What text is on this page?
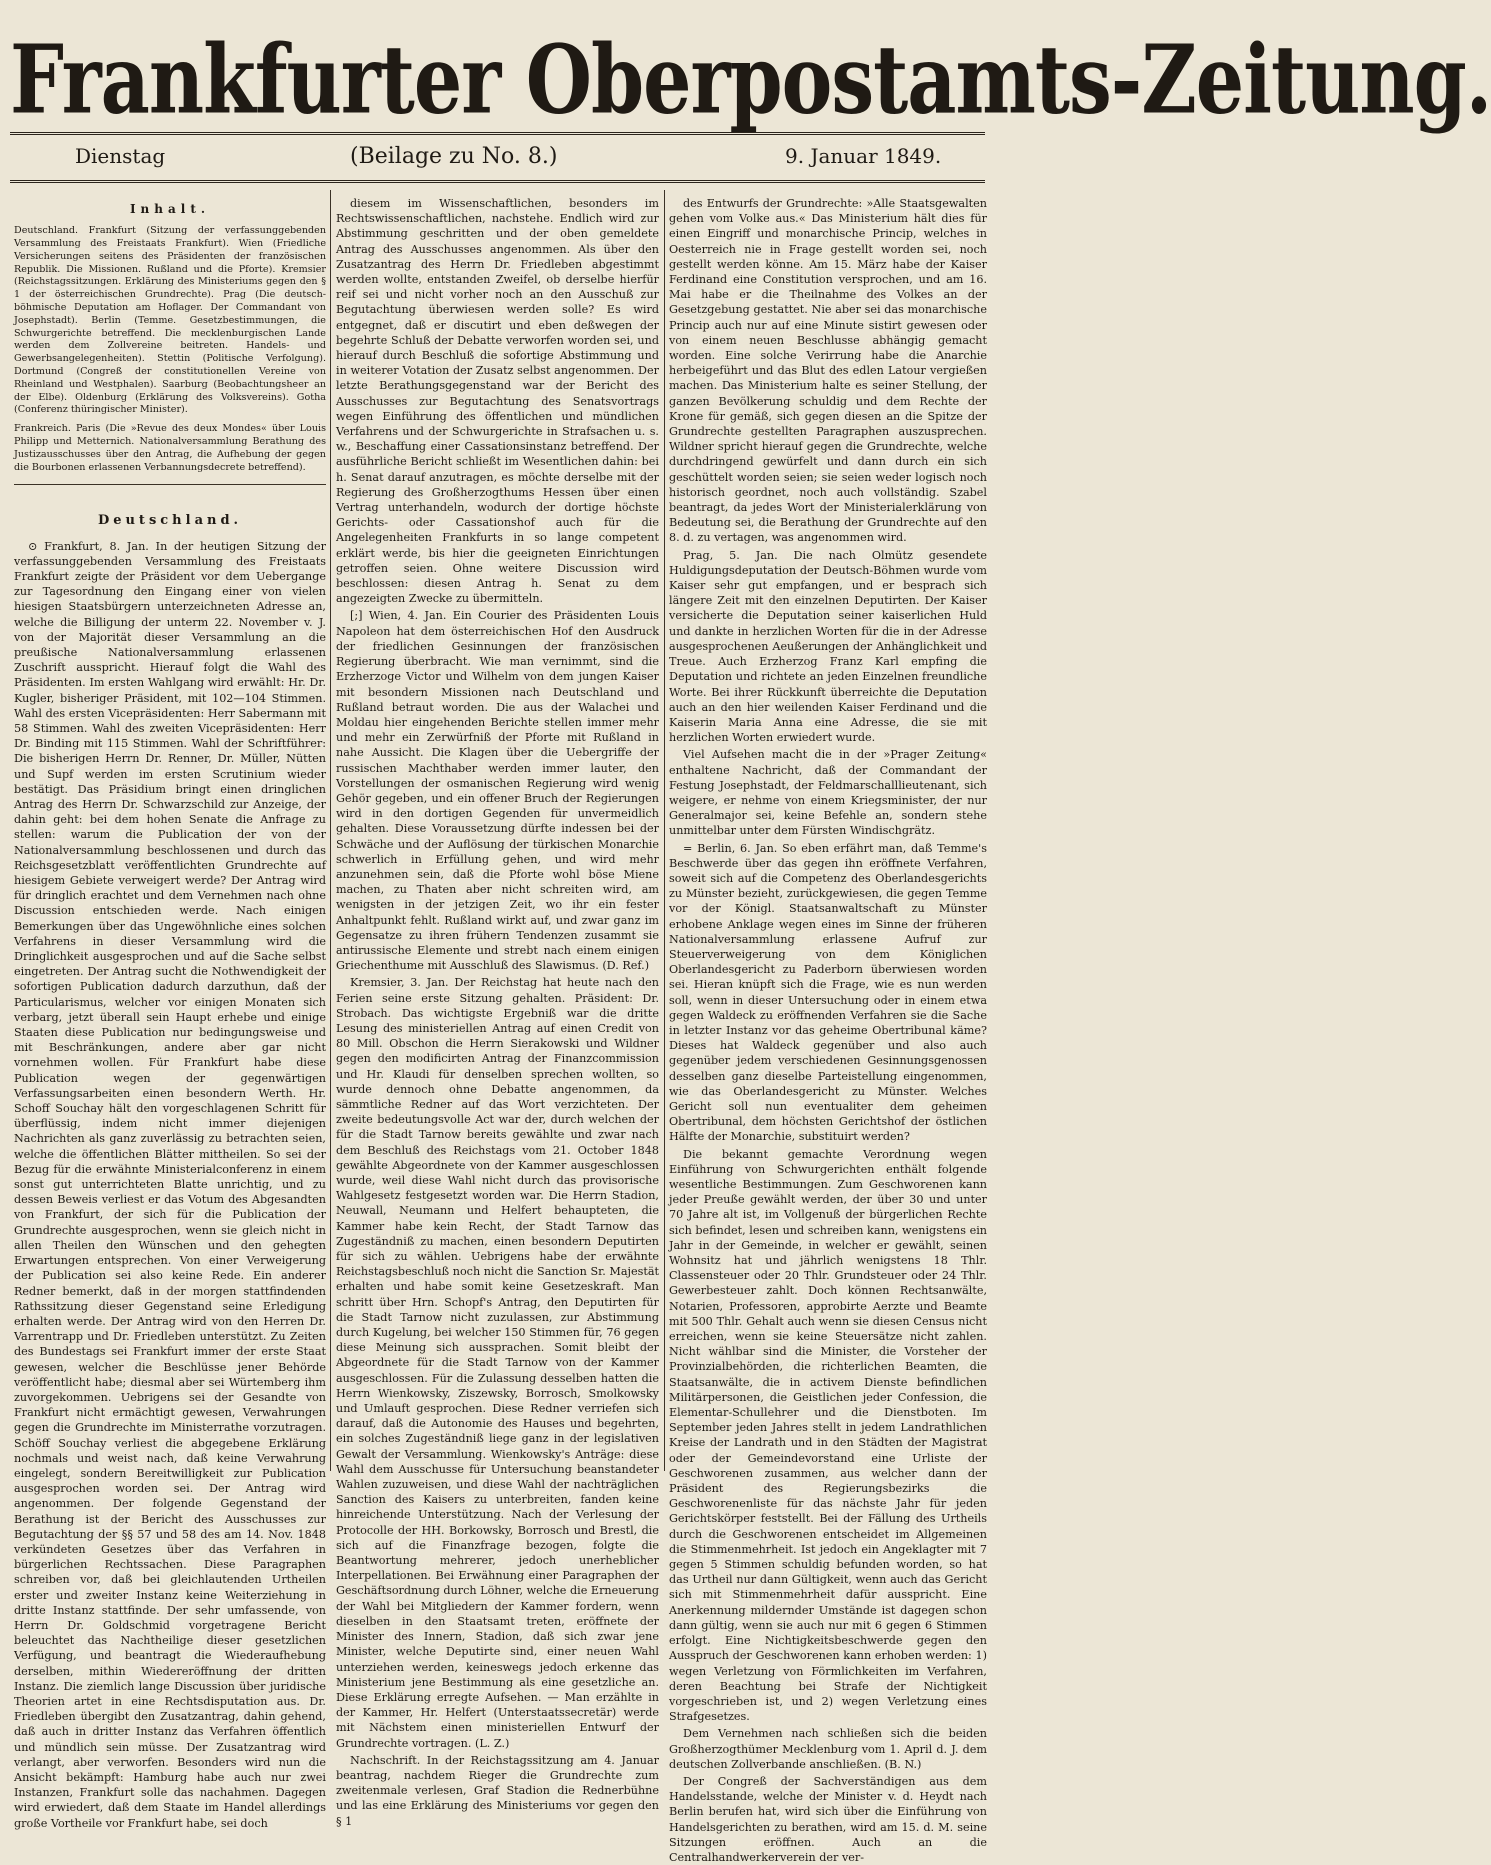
Frankfurter Oberpostamts-Zeitung.
Dienstag	(Beilage zu No. 8.)	9. Januar 1849.
Inhalt.

Deutschland. Frankfurt (Sitzung der verfassunggebenden Versammlung des Freistaats Frankfurt). Wien (Friedliche Versicherungen seitens des Präsidenten der französischen Republik. Die Missionen. Rußland und die Pforte). Kremsier (Reichstagssitzungen. Erklärung des Ministeriums gegen den § 1 der österreichischen Grundrechte). Prag (Die deutsch-böhmische Deputation am Hoflager. Der Commandant von Josephstadt). Berlin (Temme. Gesetzbestimmungen, die Schwurgerichte betreffend. Die mecklenburgischen Lande werden dem Zollvereine beitreten. Handels- und Gewerbsangelegenheiten). Stettin (Politische Verfolgung). Dortmund (Congreß der constitutionellen Vereine von Rheinland und Westphalen). Saarburg (Beobachtungsheer an der Elbe). Oldenburg (Erklärung des Volksvereins). Gotha (Conferenz thüringischer Minister).

Frankreich. Paris (Die »Revue des deux Mondes« über Louis Philipp und Metternich. Nationalversammlung Berathung des Justizausschusses über den Antrag, die Aufhebung der gegen die Bourbonen erlassenen Verbannungsdecrete betreffend).

Deutschland.

⊙ Frankfurt, 8. Jan. In der heutigen Sitzung der verfassunggebenden Versammlung des Freistaats Frankfurt zeigte der Präsident vor dem Uebergange zur Tagesordnung den Eingang einer von vielen hiesigen Staatsbürgern unterzeichneten Adresse an, welche die Billigung der unterm 22. November v. J. von der Majorität dieser Versammlung an die preußische Nationalversammlung erlassenen Zuschrift ausspricht. Hierauf folgt die Wahl des Präsidenten. Im ersten Wahlgang wird erwählt: Hr. Dr. Kugler, bisheriger Präsident, mit 102—104 Stimmen. Wahl des ersten Vicepräsidenten: Herr Sabermann mit 58 Stimmen. Wahl des zweiten Vicepräsidenten: Herr Dr. Binding mit 115 Stimmen. Wahl der Schriftführer: Die bisherigen Herrn Dr. Renner, Dr. Müller, Nütten und Supf werden im ersten Scrutinium wieder bestätigt. Das Präsidium bringt einen dringlichen Antrag des Herrn Dr. Schwarzschild zur Anzeige, der dahin geht: bei dem hohen Senate die Anfrage zu stellen: warum die Publication der von der Nationalversammlung beschlossenen und durch das Reichsgesetzblatt veröffentlichten Grundrechte auf hiesigem Gebiete verweigert werde? Der Antrag wird für dringlich erachtet und dem Vernehmen nach ohne Discussion entschieden werde. Nach einigen Bemerkungen über das Ungewöhnliche eines solchen Verfahrens in dieser Versammlung wird die Dringlichkeit ausgesprochen und auf die Sache selbst eingetreten. Der Antrag sucht die Nothwendigkeit der sofortigen Publication dadurch darzuthun, daß der Particularismus, welcher vor einigen Monaten sich verbarg, jetzt überall sein Haupt erhebe und einige Staaten diese Publication nur bedingungsweise und mit Beschränkungen, andere aber gar nicht vornehmen wollen. Für Frankfurt habe diese Publication wegen der gegenwärtigen Verfassungsarbeiten einen besondern Werth. Hr. Schoff Souchay hält den vorgeschlagenen Schritt für überflüssig, indem nicht immer diejenigen Nachrichten als ganz zuverlässig zu betrachten seien, welche die öffentlichen Blätter mittheilen. So sei der Bezug für die erwähnte Ministerialconferenz in einem sonst gut unterrichteten Blatte unrichtig, und zu dessen Beweis verliest er das Votum des Abgesandten von Frankfurt, der sich für die Publication der Grundrechte ausgesprochen, wenn sie gleich nicht in allen Theilen den Wünschen und den gehegten Erwartungen entsprechen. Von einer Verweigerung der Publication sei also keine Rede. Ein anderer Redner bemerkt, daß in der morgen stattfindenden Rathssitzung dieser Gegenstand seine Erledigung erhalten werde. Der Antrag wird von den Herren Dr. Varrentrapp und Dr. Friedleben unterstützt. Zu Zeiten des Bundestags sei Frankfurt immer der erste Staat gewesen, welcher die Beschlüsse jener Behörde veröffentlicht habe; diesmal aber sei Würtemberg ihm zuvorgekommen. Uebrigens sei der Gesandte von Frankfurt nicht ermächtigt gewesen, Verwahrungen gegen die Grundrechte im Ministerrathe vorzutragen. Schöff Souchay verliest die abgegebene Erklärung nochmals und weist nach, daß keine Verwahrung eingelegt, sondern Bereitwilligkeit zur Publication ausgesprochen worden sei. Der Antrag wird angenommen. Der folgende Gegenstand der Berathung ist der Bericht des Ausschusses zur Begutachtung der §§ 57 und 58 des am 14. Nov. 1848 verkündeten Gesetzes über das Verfahren in bürgerlichen Rechtssachen. Diese Paragraphen schreiben vor, daß bei gleichlautenden Urtheilen erster und zweiter Instanz keine Weiterziehung in dritte Instanz stattfinde. Der sehr umfassende, von Herrn Dr. Goldschmid vorgetragene Bericht beleuchtet das Nachtheilige dieser gesetzlichen Verfügung, und beantragt die Wiederaufhebung derselben, mithin Wiedereröffnung der dritten Instanz. Die ziemlich lange Discussion über juridische Theorien artet in eine Rechtsdisputation aus. Dr. Friedleben übergibt den Zusatzantrag, dahin gehend, daß auch in dritter Instanz das Verfahren öffentlich und mündlich sein müsse. Der Zusatzantrag wird verlangt, aber verworfen. Besonders wird nun die Ansicht bekämpft: Hamburg habe auch nur zwei Instanzen, Frankfurt solle das nachahmen. Dagegen wird erwiedert, daß dem Staate im Handel allerdings große Vortheile vor Frankfurt habe, sei doch

diesem im Wissenschaftlichen, besonders im Rechtswissenschaftlichen, nachstehe. Endlich wird zur Abstimmung geschritten und der oben gemeldete Antrag des Ausschusses angenommen. Als über den Zusatzantrag des Herrn Dr. Friedleben abgestimmt werden wollte, entstanden Zweifel, ob derselbe hierfür reif sei und nicht vorher noch an den Ausschuß zur Begutachtung überwiesen werden solle? Es wird entgegnet, daß er discutirt und eben deßwegen der begehrte Schluß der Debatte verworfen worden sei, und hierauf durch Beschluß die sofortige Abstimmung und in weiterer Votation der Zusatz selbst angenommen. Der letzte Berathungsgegenstand war der Bericht des Ausschusses zur Begutachtung des Senatsvortrags wegen Einführung des öffentlichen und mündlichen Verfahrens und der Schwurgerichte in Strafsachen u. s. w., Beschaffung einer Cassationsinstanz betreffend. Der ausführliche Bericht schließt im Wesentlichen dahin: bei h. Senat darauf anzutragen, es möchte derselbe mit der Regierung des Großherzogthums Hessen über einen Vertrag unterhandeln, wodurch der dortige höchste Gerichts- oder Cassationshof auch für die Angelegenheiten Frankfurts in so lange competent erklärt werde, bis hier die geeigneten Einrichtungen getroffen seien. Ohne weitere Discussion wird beschlossen: diesen Antrag h. Senat zu dem angezeigten Zwecke zu übermitteln.

[;] Wien, 4. Jan. Ein Courier des Präsidenten Louis Napoleon hat dem österreichischen Hof den Ausdruck der friedlichen Gesinnungen der französischen Regierung überbracht. Wie man vernimmt, sind die Erzherzoge Victor und Wilhelm von dem jungen Kaiser mit besondern Missionen nach Deutschland und Rußland betraut worden. Die aus der Walachei und Moldau hier eingehenden Berichte stellen immer mehr und mehr ein Zerwürfniß der Pforte mit Rußland in nahe Aussicht. Die Klagen über die Uebergriffe der russischen Machthaber werden immer lauter, den Vorstellungen der osmanischen Regierung wird wenig Gehör gegeben, und ein offener Bruch der Regierungen wird in den dortigen Gegenden für unvermeidlich gehalten. Diese Voraussetzung dürfte indessen bei der Schwäche und der Auflösung der türkischen Monarchie schwerlich in Erfüllung gehen, und wird mehr anzunehmen sein, daß die Pforte wohl böse Miene machen, zu Thaten aber nicht schreiten wird, am wenigsten in der jetzigen Zeit, wo ihr ein fester Anhaltpunkt fehlt. Rußland wirkt auf, und zwar ganz im Gegensatze zu ihren frühern Tendenzen zusammt sie antirussische Elemente und strebt nach einem einigen Griechenthume mit Ausschluß des Slawismus. (D. Ref.)

Kremsier, 3. Jan. Der Reichstag hat heute nach den Ferien seine erste Sitzung gehalten. Präsident: Dr. Strobach. Das wichtigste Ergebniß war die dritte Lesung des ministeriellen Antrag auf einen Credit von 80 Mill. Obschon die Herrn Sierakowski und Wildner gegen den modificirten Antrag der Finanzcommission und Hr. Klaudi für denselben sprechen wollten, so wurde dennoch ohne Debatte angenommen, da sämmtliche Redner auf das Wort verzichteten. Der zweite bedeutungsvolle Act war der, durch welchen der für die Stadt Tarnow bereits gewählte und zwar nach dem Beschluß des Reichstags vom 21. October 1848 gewählte Abgeordnete von der Kammer ausgeschlossen wurde, weil diese Wahl nicht durch das provisorische Wahlgesetz festgesetzt worden war. Die Herrn Stadion, Neuwall, Neumann und Helfert behaupteten, die Kammer habe kein Recht, der Stadt Tarnow das Zugeständniß zu machen, einen besondern Deputirten für sich zu wählen. Uebrigens habe der erwähnte Reichstagsbeschluß noch nicht die Sanction Sr. Majestät erhalten und habe somit keine Gesetzeskraft. Man schritt über Hrn. Schopf's Antrag, den Deputirten für die Stadt Tarnow nicht zuzulassen, zur Abstimmung durch Kugelung, bei welcher 150 Stimmen für, 76 gegen diese Meinung sich aussprachen. Somit bleibt der Abgeordnete für die Stadt Tarnow von der Kammer ausgeschlossen. Für die Zulassung desselben hatten die Herrn Wienkowsky, Ziszewsky, Borrosch, Smolkowsky und Umlauft gesprochen. Diese Redner verriefen sich darauf, daß die Autonomie des Hauses und begehrten, ein solches Zugeständniß liege ganz in der legislativen Gewalt der Versammlung. Wienkowsky's Anträge: diese Wahl dem Ausschusse für Untersuchung beanstandeter Wahlen zuzuweisen, und diese Wahl der nachträglichen Sanction des Kaisers zu unterbreiten, fanden keine hinreichende Unterstützung. Nach der Verlesung der Protocolle der HH. Borkowsky, Borrosch und Brestl, die sich auf die Finanzfrage bezogen, folgte die Beantwortung mehrerer, jedoch unerheblicher Interpellationen. Bei Erwähnung einer Paragraphen der Geschäftsordnung durch Löhner, welche die Erneuerung der Wahl bei Mitgliedern der Kammer fordern, wenn dieselben in den Staatsamt treten, eröffnete der Minister des Innern, Stadion, daß sich zwar jene Minister, welche Deputirte sind, einer neuen Wahl unterziehen werden, keineswegs jedoch erkenne das Ministerium jene Bestimmung als eine gesetzliche an. Diese Erklärung erregte Aufsehen. — Man erzählte in der Kammer, Hr. Helfert (Unterstaatssecretär) werde mit Nächstem einen ministeriellen Entwurf der Grundrechte vortragen. (L. Z.)

Nachschrift. In der Reichstagssitzung am 4. Januar beantrag, nachdem Rieger die Grundrechte zum zweitenmale verlesen, Graf Stadion die Rednerbühne und las eine Erklärung des Ministeriums vor gegen den § 1

des Entwurfs der Grundrechte: »Alle Staatsgewalten gehen vom Volke aus.« Das Ministerium hält dies für einen Eingriff und monarchische Princip, welches in Oesterreich nie in Frage gestellt worden sei, noch gestellt werden könne. Am 15. März habe der Kaiser Ferdinand eine Constitution versprochen, und am 16. Mai habe er die Theilnahme des Volkes an der Gesetzgebung gestattet. Nie aber sei das monarchische Princip auch nur auf eine Minute sistirt gewesen oder von einem neuen Beschlusse abhängig gemacht worden. Eine solche Verirrung habe die Anarchie herbeigeführt und das Blut des edlen Latour vergießen machen. Das Ministerium halte es seiner Stellung, der ganzen Bevölkerung schuldig und dem Rechte der Krone für gemäß, sich gegen diesen an die Spitze der Grundrechte gestellten Paragraphen auszusprechen. Wildner spricht hierauf gegen die Grundrechte, welche durchdringend gewürfelt und dann durch ein sich geschüttelt worden seien; sie seien weder logisch noch historisch geordnet, noch auch vollständig. Szabel beantragt, da jedes Wort der Ministerialerklärung von Bedeutung sei, die Berathung der Grundrechte auf den 8. d. zu vertagen, was angenommen wird.

Prag, 5. Jan. Die nach Olmütz gesendete Huldigungsdeputation der Deutsch-Böhmen wurde vom Kaiser sehr gut empfangen, und er besprach sich längere Zeit mit den einzelnen Deputirten. Der Kaiser versicherte die Deputation seiner kaiserlichen Huld und dankte in herzlichen Worten für die in der Adresse ausgesprochenen Aeußerungen der Anhänglichkeit und Treue. Auch Erzherzog Franz Karl empfing die Deputation und richtete an jeden Einzelnen freundliche Worte. Bei ihrer Rückkunft überreichte die Deputation auch an den hier weilenden Kaiser Ferdinand und die Kaiserin Maria Anna eine Adresse, die sie mit herzlichen Worten erwiedert wurde.

Viel Aufsehen macht die in der »Prager Zeitung« enthaltene Nachricht, daß der Commandant der Festung Josephstadt, der Feldmarschalllieutenant, sich weigere, er nehme von einem Kriegsminister, der nur Generalmajor sei, keine Befehle an, sondern stehe unmittelbar unter dem Fürsten Windischgrätz.

= Berlin, 6. Jan. So eben erfährt man, daß Temme's Beschwerde über das gegen ihn eröffnete Verfahren, soweit sich auf die Competenz des Oberlandesgerichts zu Münster bezieht, zurückgewiesen, die gegen Temme vor der Königl. Staatsanwaltschaft zu Münster erhobene Anklage wegen eines im Sinne der früheren Nationalversammlung erlassene Aufruf zur Steuerverweigerung von dem Königlichen Oberlandesgericht zu Paderborn überwiesen worden sei. Hieran knüpft sich die Frage, wie es nun werden soll, wenn in dieser Untersuchung oder in einem etwa gegen Waldeck zu eröffnenden Verfahren sie die Sache in letzter Instanz vor das geheime Obertribunal käme? Dieses hat Waldeck gegenüber und also auch gegenüber jedem verschiedenen Gesinnungsgenossen desselben ganz dieselbe Parteistellung eingenommen, wie das Oberlandesgericht zu Münster. Welches Gericht soll nun eventualiter dem geheimen Obertribunal, dem höchsten Gerichtshof der östlichen Hälfte der Monarchie, substituirt werden?

Die bekannt gemachte Verordnung wegen Einführung von Schwurgerichten enthält folgende wesentliche Bestimmungen. Zum Geschworenen kann jeder Preuße gewählt werden, der über 30 und unter 70 Jahre alt ist, im Vollgenuß der bürgerlichen Rechte sich befindet, lesen und schreiben kann, wenigstens ein Jahr in der Gemeinde, in welcher er gewählt, seinen Wohnsitz hat und jährlich wenigstens 18 Thlr. Classensteuer oder 20 Thlr. Grundsteuer oder 24 Thlr. Gewerbesteuer zahlt. Doch können Rechtsanwälte, Notarien, Professoren, approbirte Aerzte und Beamte mit 500 Thlr. Gehalt auch wenn sie diesen Census nicht erreichen, wenn sie keine Steuersätze nicht zahlen. Nicht wählbar sind die Minister, die Vorsteher der Provinzialbehörden, die richterlichen Beamten, die Staatsanwälte, die in activem Dienste befindlichen Militärpersonen, die Geistlichen jeder Confession, die Elementar-Schullehrer und die Dienstboten. Im September jeden Jahres stellt in jedem Landrathlichen Kreise der Landrath und in den Städten der Magistrat oder der Gemeindevorstand eine Urliste der Geschworenen zusammen, aus welcher dann der Präsident des Regierungsbezirks die Geschworenenliste für das nächste Jahr für jeden Gerichtskörper feststellt. Bei der Fällung des Urtheils durch die Geschworenen entscheidet im Allgemeinen die Stimmenmehrheit. Ist jedoch ein Angeklagter mit 7 gegen 5 Stimmen schuldig befunden worden, so hat das Urtheil nur dann Gültigkeit, wenn auch das Gericht sich mit Stimmenmehrheit dafür ausspricht. Eine Anerkennung mildernder Umstände ist dagegen schon dann gültig, wenn sie auch nur mit 6 gegen 6 Stimmen erfolgt. Eine Nichtigkeitsbeschwerde gegen den Ausspruch der Geschworenen kann erhoben werden: 1) wegen Verletzung von Förmlichkeiten im Verfahren, deren Beachtung bei Strafe der Nichtigkeit vorgeschrieben ist, und 2) wegen Verletzung eines Strafgesetzes.

Dem Vernehmen nach schließen sich die beiden Großherzogthümer Mecklenburg vom 1. April d. J. dem deutschen Zollverbande anschließen. (B. N.)

Der Congreß der Sachverständigen aus dem Handelsstande, welche der Minister v. d. Heydt nach Berlin berufen hat, wird sich über die Einführung von Handelsgerichten zu berathen, wird am 15. d. M. seine Sitzungen eröffnen. Auch an die Centralhandwerkerverein der ver-
